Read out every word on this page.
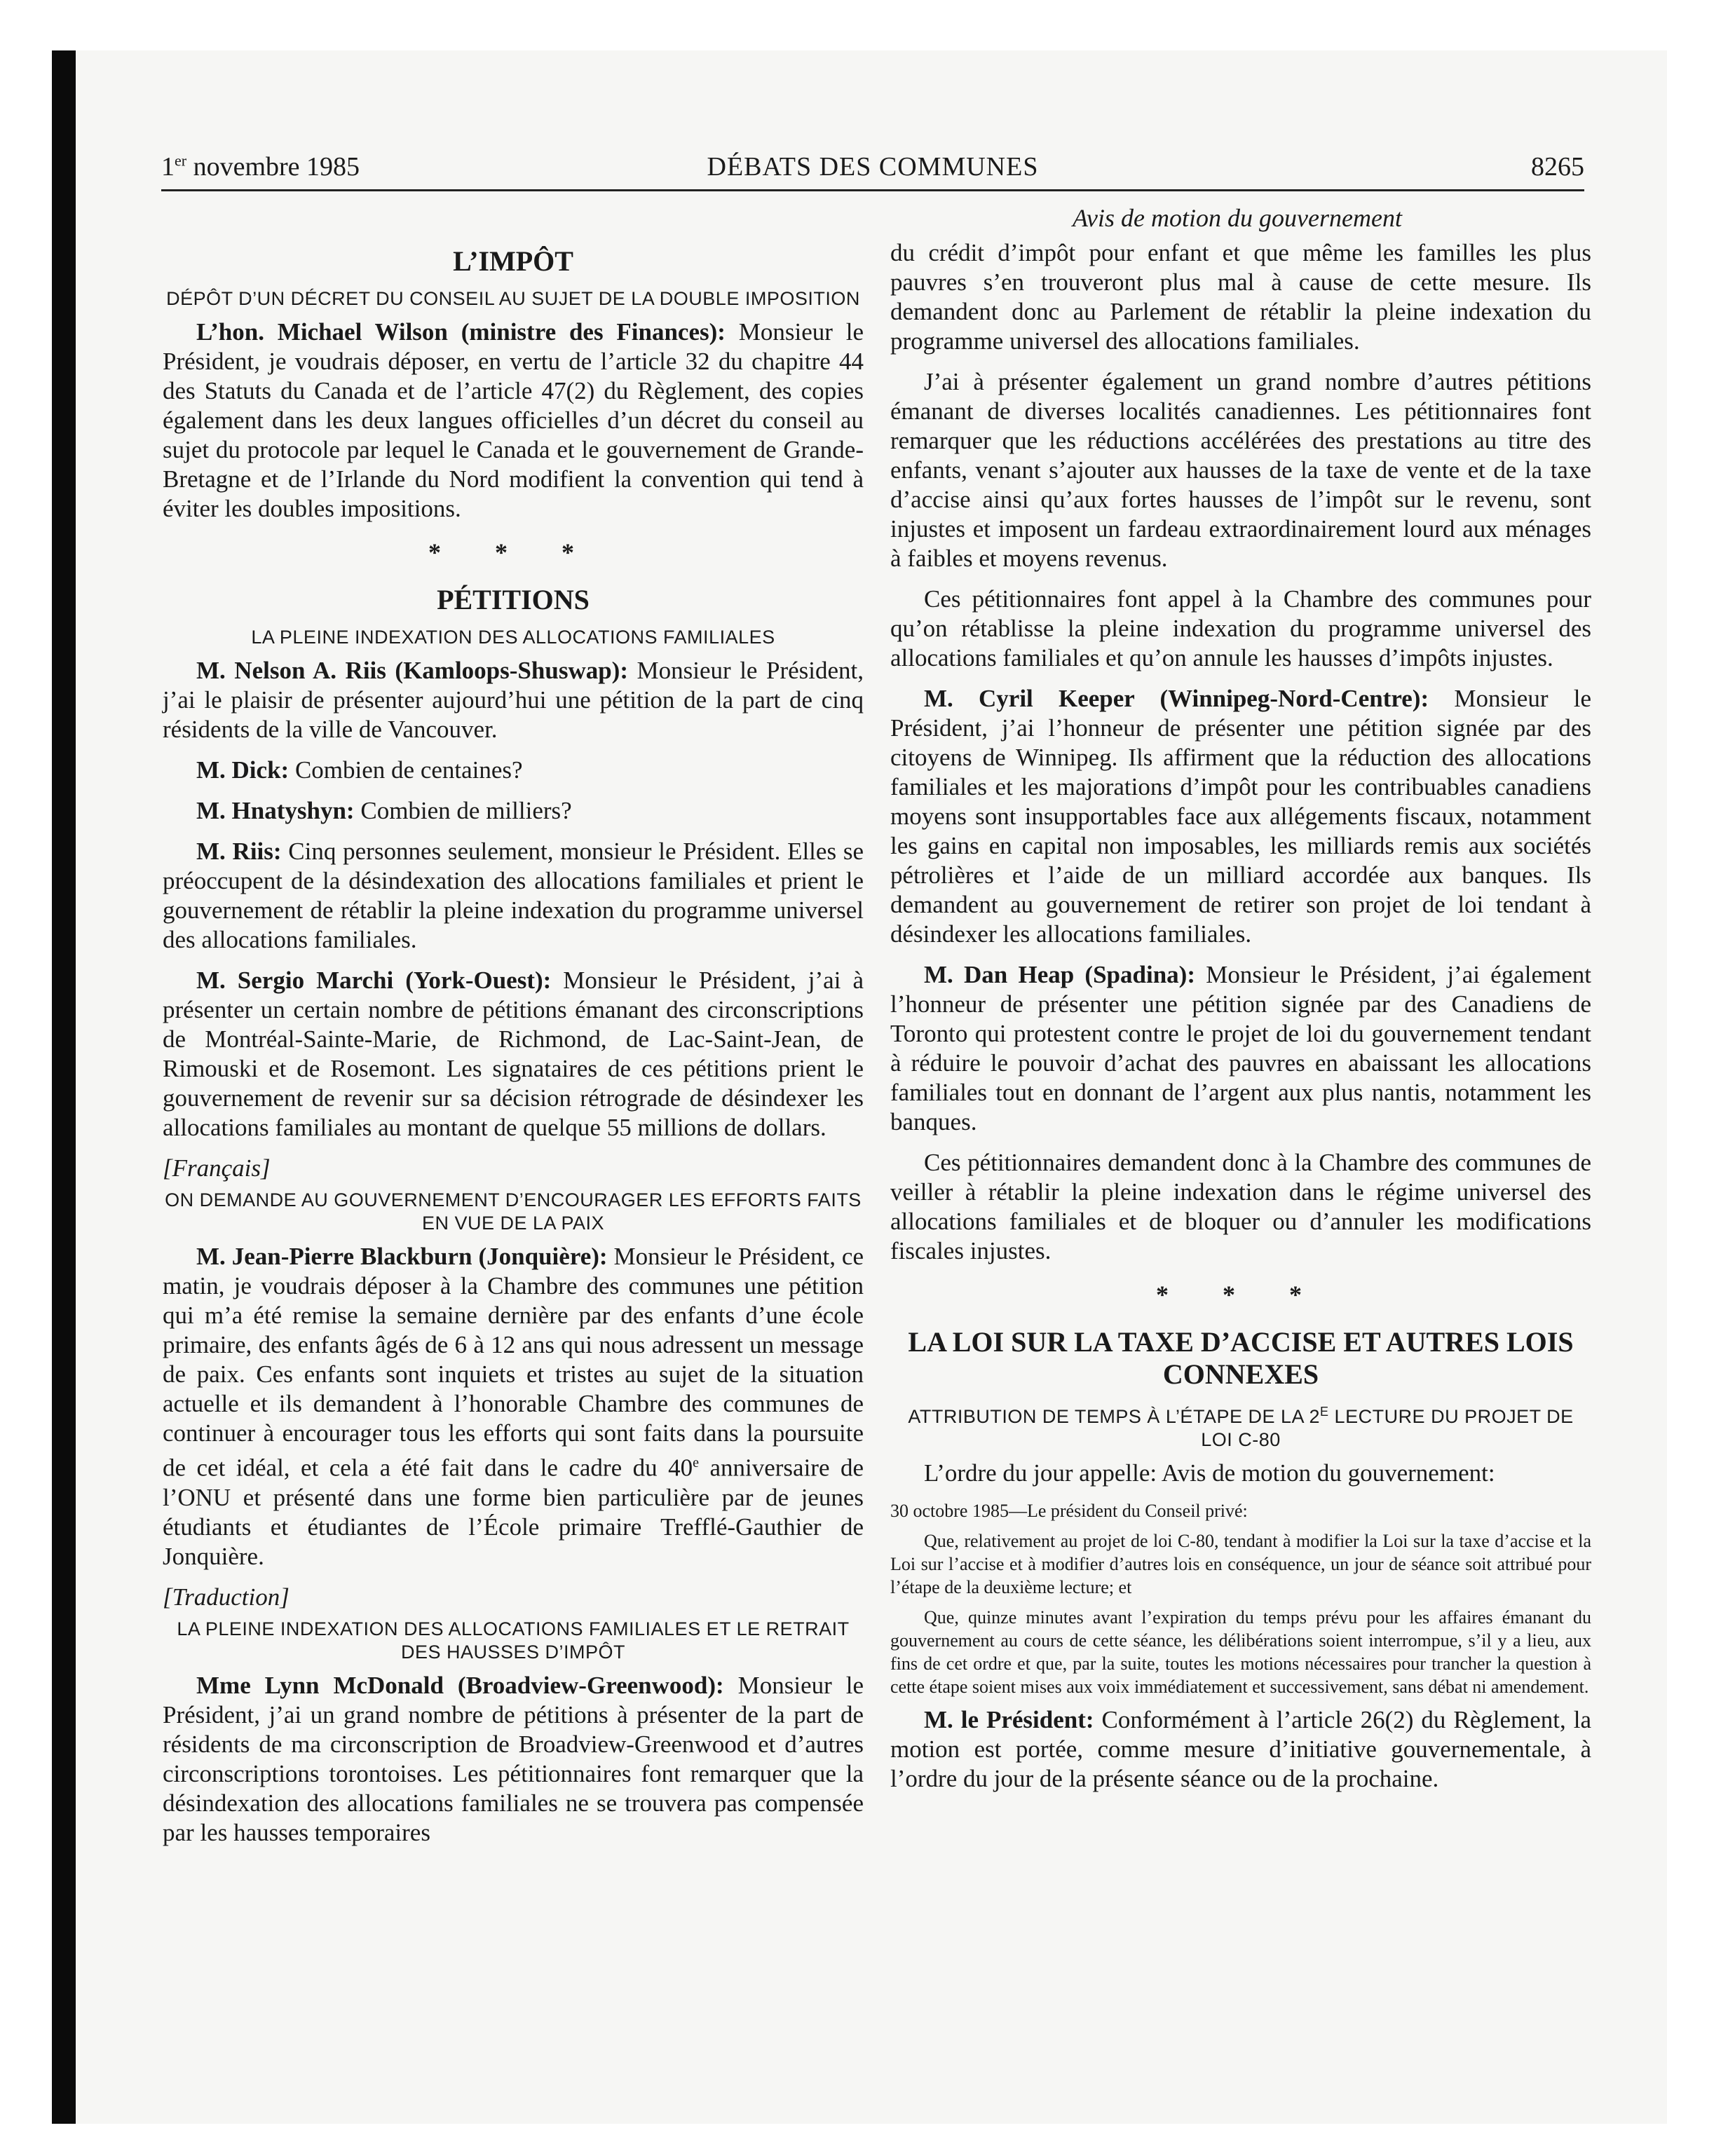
1er novembre 1985	DÉBATS DES COMMUNES	8265
Avis de motion du gouvernement
L’IMPÔT
DÉPÔT D’UN DÉCRET DU CONSEIL AU SUJET DE LA DOUBLE IMPOSITION

L’hon. Michael Wilson (ministre des Finances): Monsieur le Président, je voudrais déposer, en vertu de l’article 32 du chapitre 44 des Statuts du Canada et de l’article 47(2) du Règlement, des copies également dans les deux langues officielles d’un décret du conseil au sujet du protocole par lequel le Canada et le gouvernement de Grande-Bretagne et de l’Irlande du Nord modifient la convention qui tend à éviter les doubles impositions.

* * *
PÉTITIONS
LA PLEINE INDEXATION DES ALLOCATIONS FAMILIALES

M. Nelson A. Riis (Kamloops-Shuswap): Monsieur le Président, j’ai le plaisir de présenter aujourd’hui une pétition de la part de cinq résidents de la ville de Vancouver.

M. Dick: Combien de centaines?

M. Hnatyshyn: Combien de milliers?

M. Riis: Cinq personnes seulement, monsieur le Président. Elles se préoccupent de la désindexation des allocations familiales et prient le gouvernement de rétablir la pleine indexation du programme universel des allocations familiales.

M. Sergio Marchi (York-Ouest): Monsieur le Président, j’ai à présenter un certain nombre de pétitions émanant des circonscriptions de Montréal-Sainte-Marie, de Richmond, de Lac-Saint-Jean, de Rimouski et de Rosemont. Les signataires de ces pétitions prient le gouvernement de revenir sur sa décision rétrograde de désindexer les allocations familiales au montant de quelque 55 millions de dollars.

[Français]

ON DEMANDE AU GOUVERNEMENT D’ENCOURAGER LES EFFORTS FAITS EN VUE DE LA PAIX

M. Jean-Pierre Blackburn (Jonquière): Monsieur le Président, ce matin, je voudrais déposer à la Chambre des communes une pétition qui m’a été remise la semaine dernière par des enfants d’une école primaire, des enfants âgés de 6 à 12 ans qui nous adressent un message de paix. Ces enfants sont inquiets et tristes au sujet de la situation actuelle et ils demandent à l’honorable Chambre des communes de continuer à encourager tous les efforts qui sont faits dans la poursuite de cet idéal, et cela a été fait dans le cadre du 40e anniversaire de l’ONU et présenté dans une forme bien particulière par de jeunes étudiants et étudiantes de l’École primaire Trefflé-Gauthier de Jonquière.

[Traduction]

LA PLEINE INDEXATION DES ALLOCATIONS FAMILIALES ET LE RETRAIT DES HAUSSES D’IMPÔT

Mme Lynn McDonald (Broadview-Greenwood): Monsieur le Président, j’ai un grand nombre de pétitions à présenter de la part de résidents de ma circonscription de Broadview-Greenwood et d’autres circonscriptions torontoises. Les pétitionnaires font remarquer que la désindexation des allocations familiales ne se trouvera pas compensée par les hausses temporaires

du crédit d’impôt pour enfant et que même les familles les plus pauvres s’en trouveront plus mal à cause de cette mesure. Ils demandent donc au Parlement de rétablir la pleine indexation du programme universel des allocations familiales.

J’ai à présenter également un grand nombre d’autres pétitions émanant de diverses localités canadiennes. Les pétitionnaires font remarquer que les réductions accélérées des prestations au titre des enfants, venant s’ajouter aux hausses de la taxe de vente et de la taxe d’accise ainsi qu’aux fortes hausses de l’impôt sur le revenu, sont injustes et imposent un fardeau extraordinairement lourd aux ménages à faibles et moyens revenus.

Ces pétitionnaires font appel à la Chambre des communes pour qu’on rétablisse la pleine indexation du programme universel des allocations familiales et qu’on annule les hausses d’impôts injustes.

M. Cyril Keeper (Winnipeg-Nord-Centre): Monsieur le Président, j’ai l’honneur de présenter une pétition signée par des citoyens de Winnipeg. Ils affirment que la réduction des allocations familiales et les majorations d’impôt pour les contribuables canadiens moyens sont insupportables face aux allégements fiscaux, notamment les gains en capital non imposables, les milliards remis aux sociétés pétrolières et l’aide de un milliard accordée aux banques. Ils demandent au gouvernement de retirer son projet de loi tendant à désindexer les allocations familiales.

M. Dan Heap (Spadina): Monsieur le Président, j’ai également l’honneur de présenter une pétition signée par des Canadiens de Toronto qui protestent contre le projet de loi du gouvernement tendant à réduire le pouvoir d’achat des pauvres en abaissant les allocations familiales tout en donnant de l’argent aux plus nantis, notamment les banques.

Ces pétitionnaires demandent donc à la Chambre des communes de veiller à rétablir la pleine indexation dans le régime universel des allocations familiales et de bloquer ou d’annuler les modifications fiscales injustes.

* * *
LA LOI SUR LA TAXE D’ACCISE ET AUTRES LOIS CONNEXES
ATTRIBUTION DE TEMPS À L’ÉTAPE DE LA $2^E$ LECTURE DU PROJET DE LOI C-80

L’ordre du jour appelle: Avis de motion du gouvernement:

30 octobre 1985—Le président du Conseil privé:

Que, relativement au projet de loi C-80, tendant à modifier la Loi sur la taxe d’accise et la Loi sur l’accise et à modifier d’autres lois en conséquence, un jour de séance soit attribué pour l’étape de la deuxième lecture; et

Que, quinze minutes avant l’expiration du temps prévu pour les affaires émanant du gouvernement au cours de cette séance, les délibérations soient interrompue, s’il y a lieu, aux fins de cet ordre et que, par la suite, toutes les motions nécessaires pour trancher la question à cette étape soient mises aux voix immédiatement et successivement, sans débat ni amendement.

M. le Président: Conformément à l’article 26(2) du Règlement, la motion est portée, comme mesure d’initiative gouvernementale, à l’ordre du jour de la présente séance ou de la prochaine.
